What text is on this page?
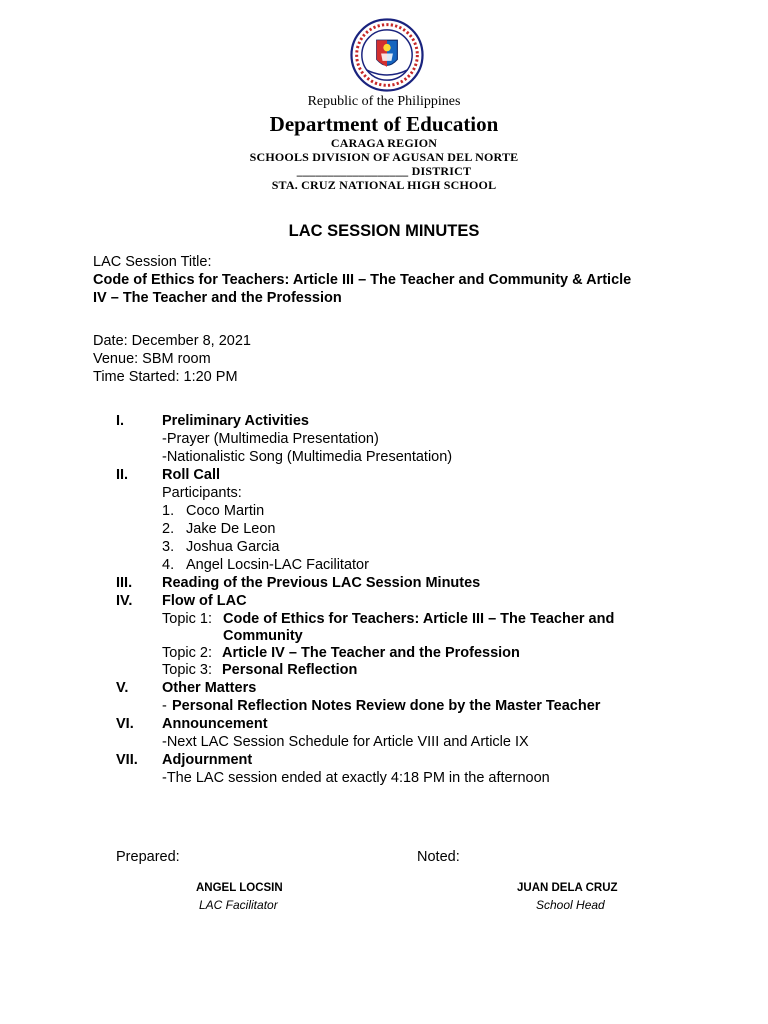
Republic of the Philippines
Department of Education
CARAGA REGION
SCHOOLS DIVISION OF AGUSAN DEL NORTE
__________________ DISTRICT
STA. CRUZ NATIONAL HIGH SCHOOL
LAC SESSION MINUTES
LAC Session Title:
Code of Ethics for Teachers: Article III – The Teacher and Community & Article
IV – The Teacher and the Profession
Date: December 8, 2021
Venue: SBM room
Time Started: 1:20 PM
I.	Preliminary Activities
-Prayer (Multimedia Presentation)
-Nationalistic Song (Multimedia Presentation)
II. Roll Call
Participants:
1. Coco Martin
2. Jake De Leon
3. Joshua Garcia
4. Angel Locsin-LAC Facilitator
III. Reading of the Previous LAC Session Minutes
IV. Flow of LAC
Topic 1: Code of Ethics for Teachers: Article III – The Teacher and
Community
Topic 2: Article IV – The Teacher and the Profession
Topic 3: Personal Reflection
V. Other Matters
- Personal Reflection Notes Review done by the Master Teacher
VI. Announcement
-Next LAC Session Schedule for Article VIII and Article IX
VII. Adjournment
-The LAC session ended at exactly 4:18 PM in the afternoon
Prepared:	Noted:
ANGEL LOCSIN
LAC Facilitator
JUAN DELA CRUZ
School Head
